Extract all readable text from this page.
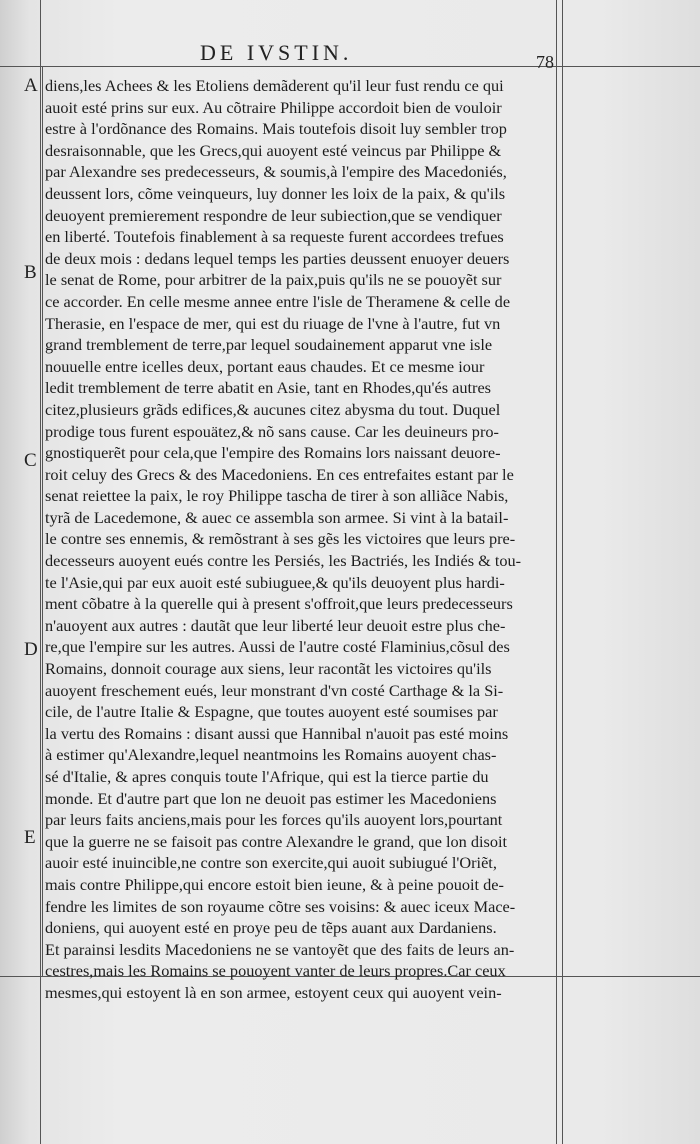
DE IVSTIN.	78
A
B
C
D
E
diens,les Achees & les Etoliens demãderent qu'il leur fust rendu ce qui
auoit esté prins sur eux. Au cõtraire Philippe accordoit bien de vouloir
estre à l'ordõnance des Romains. Mais toutefois disoit luy sembler trop
desraisonnable, que les Grecs,qui auoyent esté veincus par Philippe &
par Alexandre ses predecesseurs, & soumis,à l'empire des Macedoniés,
deussent lors, cõme veinqueurs, luy donner les loix de la paix, & qu'ils
deuoyent premierement respondre de leur subiection,que se vendiquer
en liberté. Toutefois finablement à sa requeste furent accordees trefues
de deux mois : dedans lequel temps les parties deussent enuoyer deuers
le senat de Rome, pour arbitrer de la paix,puis qu'ils ne se pouoyẽt sur
ce accorder. En celle mesme annee entre l'isle de Theramene & celle de
Therasie, en l'espace de mer, qui est du riuage de l'vne à l'autre, fut vn
grand tremblement de terre,par lequel soudainement apparut vne isle
nouuelle entre icelles deux, portant eaus chaudes. Et ce mesme iour
ledit tremblement de terre abatit en Asie, tant en Rhodes,qu'és autres
citez,plusieurs grãds edifices,& aucunes citez abysma du tout. Duquel
prodige tous furent espouätez,& nõ sans cause. Car les deuineurs pro-
gnostiquerẽt pour cela,que l'empire des Romains lors naissant deuore-
roit celuy des Grecs & des Macedoniens. En ces entrefaites estant par le
senat reiettee la paix, le roy Philippe tascha de tirer à son alliãce Nabis,
tyrã de Lacedemone, & auec ce assembla son armee. Si vint à la batail-
le contre ses ennemis, & remõstrant à ses gẽs les victoires que leurs pre-
decesseurs auoyent eués contre les Persiés, les Bactriés, les Indiés & tou-
te l'Asie,qui par eux auoit esté subiuguee,& qu'ils deuoyent plus hardi-
ment cõbatre à la querelle qui à present s'offroit,que leurs predecesseurs
n'auoyent aux autres : dautãt que leur liberté leur deuoit estre plus che-
re,que l'empire sur les autres. Aussi de l'autre costé Flaminius,cõsul des
Romains, donnoit courage aux siens, leur racontãt les victoires qu'ils
auoyent freschement eués, leur monstrant d'vn costé Carthage & la Si-
cile, de l'autre Italie & Espagne, que toutes auoyent esté soumises par
la vertu des Romains : disant aussi que Hannibal n'auoit pas esté moins
à estimer qu'Alexandre,lequel neantmoins les Romains auoyent chas-
sé d'Italie, & apres conquis toute l'Afrique, qui est la tierce partie du
monde. Et d'autre part que lon ne deuoit pas estimer les Macedoniens
par leurs faits anciens,mais pour les forces qu'ils auoyent lors,pourtant
que la guerre ne se faisoit pas contre Alexandre le grand, que lon disoit
auoir esté inuincible,ne contre son exercite,qui auoit subiugué l'Oriẽt,
mais contre Philippe,qui encore estoit bien ieune, & à peine pouoit de-
fendre les limites de son royaume cõtre ses voisins: & auec iceux Mace-
doniens, qui auoyent esté en proye peu de tẽps auant aux Dardaniens.
Et parainsi lesdits Macedoniens ne se vantoyẽt que des faits de leurs an-
cestres,mais les Romains se pouoyent vanter de leurs propres.Car ceux
mesmes,qui estoyent là en son armee, estoyent ceux qui auoyent vein-
